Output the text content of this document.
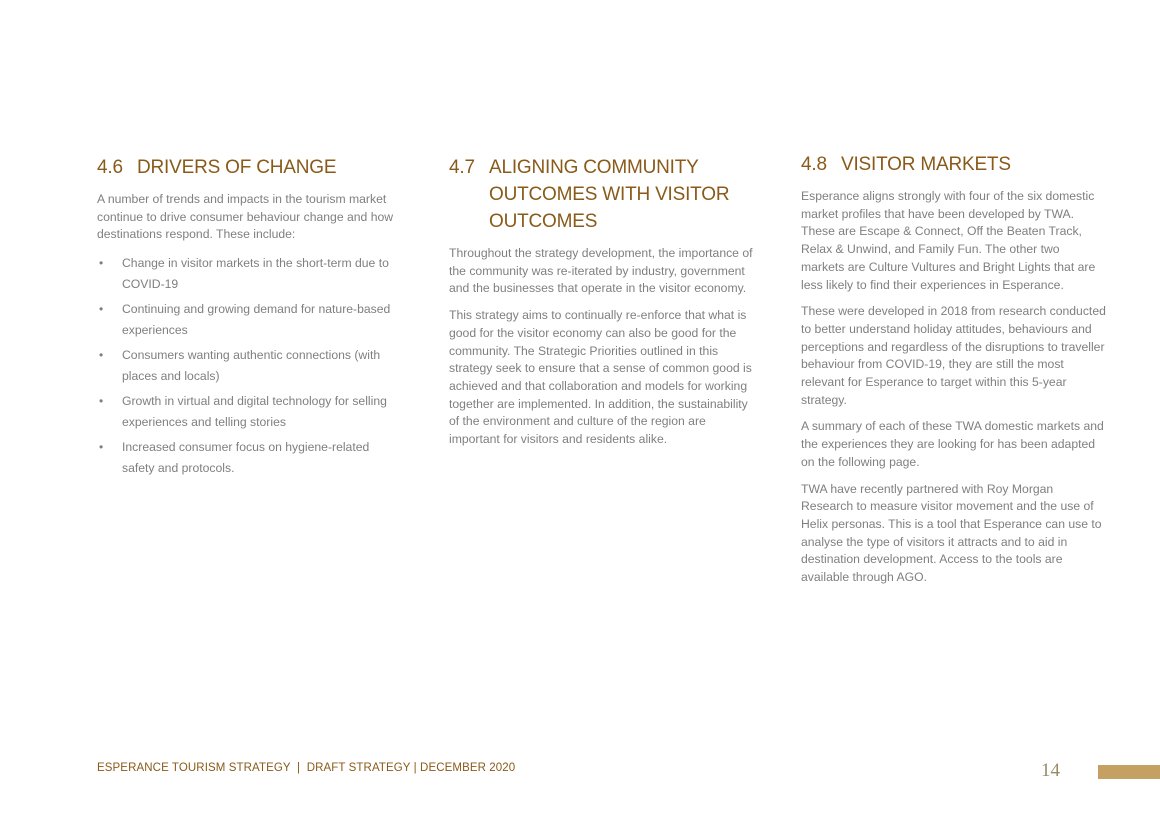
4.6 DRIVERS OF CHANGE

A number of trends and impacts in the tourism market continue to drive consumer behaviour change and how destinations respond. These include:

•	Change in visitor markets in the short-term due to COVID-19
•	Continuing and growing demand for nature-based experiences
•	Consumers wanting authentic connections (with places and locals)
•	Growth in virtual and digital technology for selling experiences and telling stories
•	Increased consumer focus on hygiene-related safety and protocols.
4.7 ALIGNING COMMUNITY OUTCOMES WITH VISITOR OUTCOMES

Throughout the strategy development, the importance of the community was re-iterated by industry, government and the businesses that operate in the visitor economy.

This strategy aims to continually re-enforce that what is good for the visitor economy can also be good for the community. The Strategic Priorities outlined in this strategy seek to ensure that a sense of common good is achieved and that collaboration and models for working together are implemented. In addition, the sustainability of the environment and culture of the region are important for visitors and residents alike.

4.8 VISITOR MARKETS

Esperance aligns strongly with four of the six domestic market profiles that have been developed by TWA. These are Escape & Connect, Off the Beaten Track, Relax & Unwind, and Family Fun. The other two markets are Culture Vultures and Bright Lights that are less likely to find their experiences in Esperance.

These were developed in 2018 from research conducted to better understand holiday attitudes, behaviours and perceptions and regardless of the disruptions to traveller behaviour from COVID-19, they are still the most relevant for Esperance to target within this 5-year strategy.

A summary of each of these TWA domestic markets and the experiences they are looking for has been adapted on the following page.

TWA have recently partnered with Roy Morgan Research to measure visitor movement and the use of Helix personas. This is a tool that Esperance can use to analyse the type of visitors it attracts and to aid in destination development. Access to the tools are available through AGO.

ESPERANCE TOURISM STRATEGY  |  DRAFT STRATEGY | DECEMBER 2020	14
